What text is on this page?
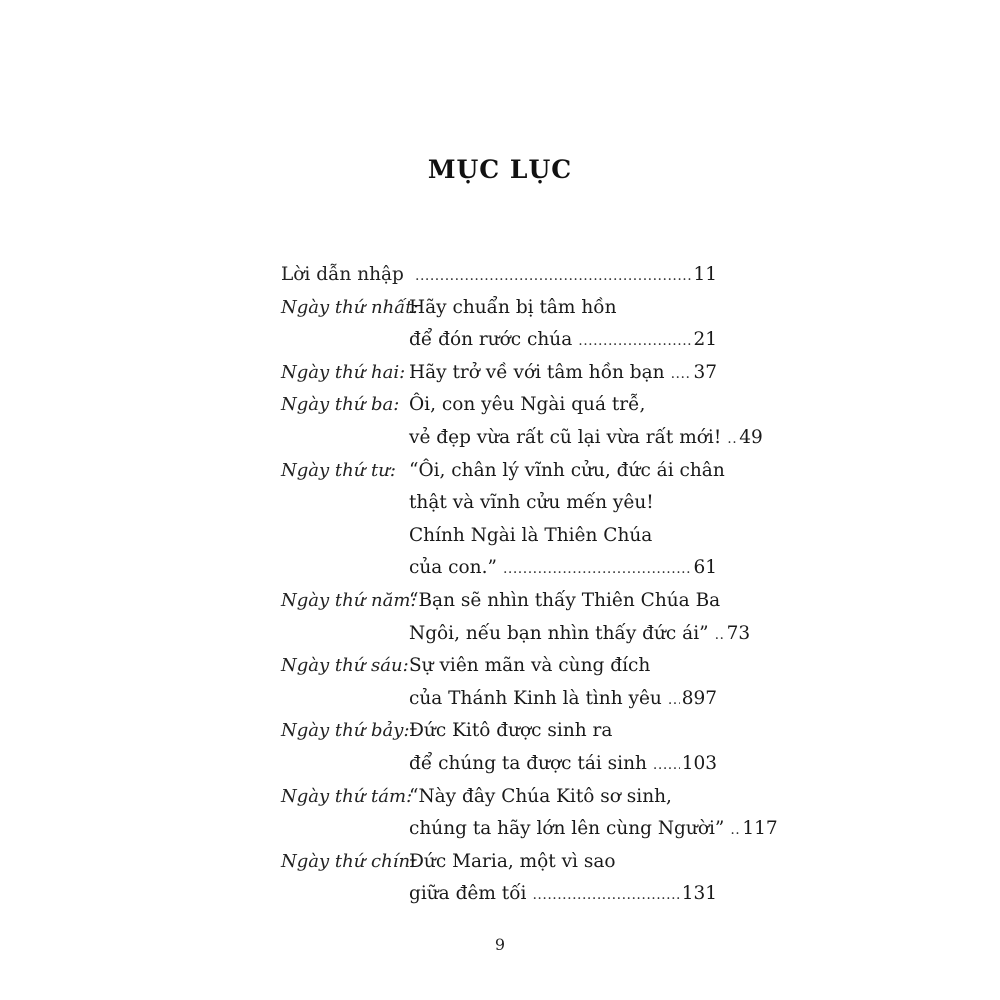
MỤC LỤC
Lời dẫn nhập .....	11
Ngày thứ nhất:
Hãy chuẩn bị tâm hồn
để đón rước chúa .....	21
Ngày thứ hai: Hãy trở về với tâm hồn bạn ..... 37
Ngày thứ ba: Ôi, con yêu Ngài quá trễ,
vẻ đẹp vừa rất cũ lại vừa rất mới! ..... 49
Ngày thứ tư: “Ôi, chân lý vĩnh cửu, đức ái chân
thật và vĩnh cửu mến yêu!
Chính Ngài là Thiên Chúa
của con.” .....	61
Ngày thứ năm:
“Bạn sẽ nhìn thấy Thiên Chúa Ba
Ngôi, nếu bạn nhìn thấy đức ái” ..... 73
Ngày thứ sáu: Sự viên mãn và cùng đích
của Thánh Kinh là tình yêu ..... 897
Ngày thứ bảy: Đức Kitô được sinh ra
để chúng ta được tái sinh ..... 103
Ngày thứ tám:
“Này đây Chúa Kitô sơ sinh,
chúng ta hãy lớn lên cùng Người” ..... 117
Ngày thứ chín:
Đức Maria, một vì sao
giữa đêm tối .....	131
9
